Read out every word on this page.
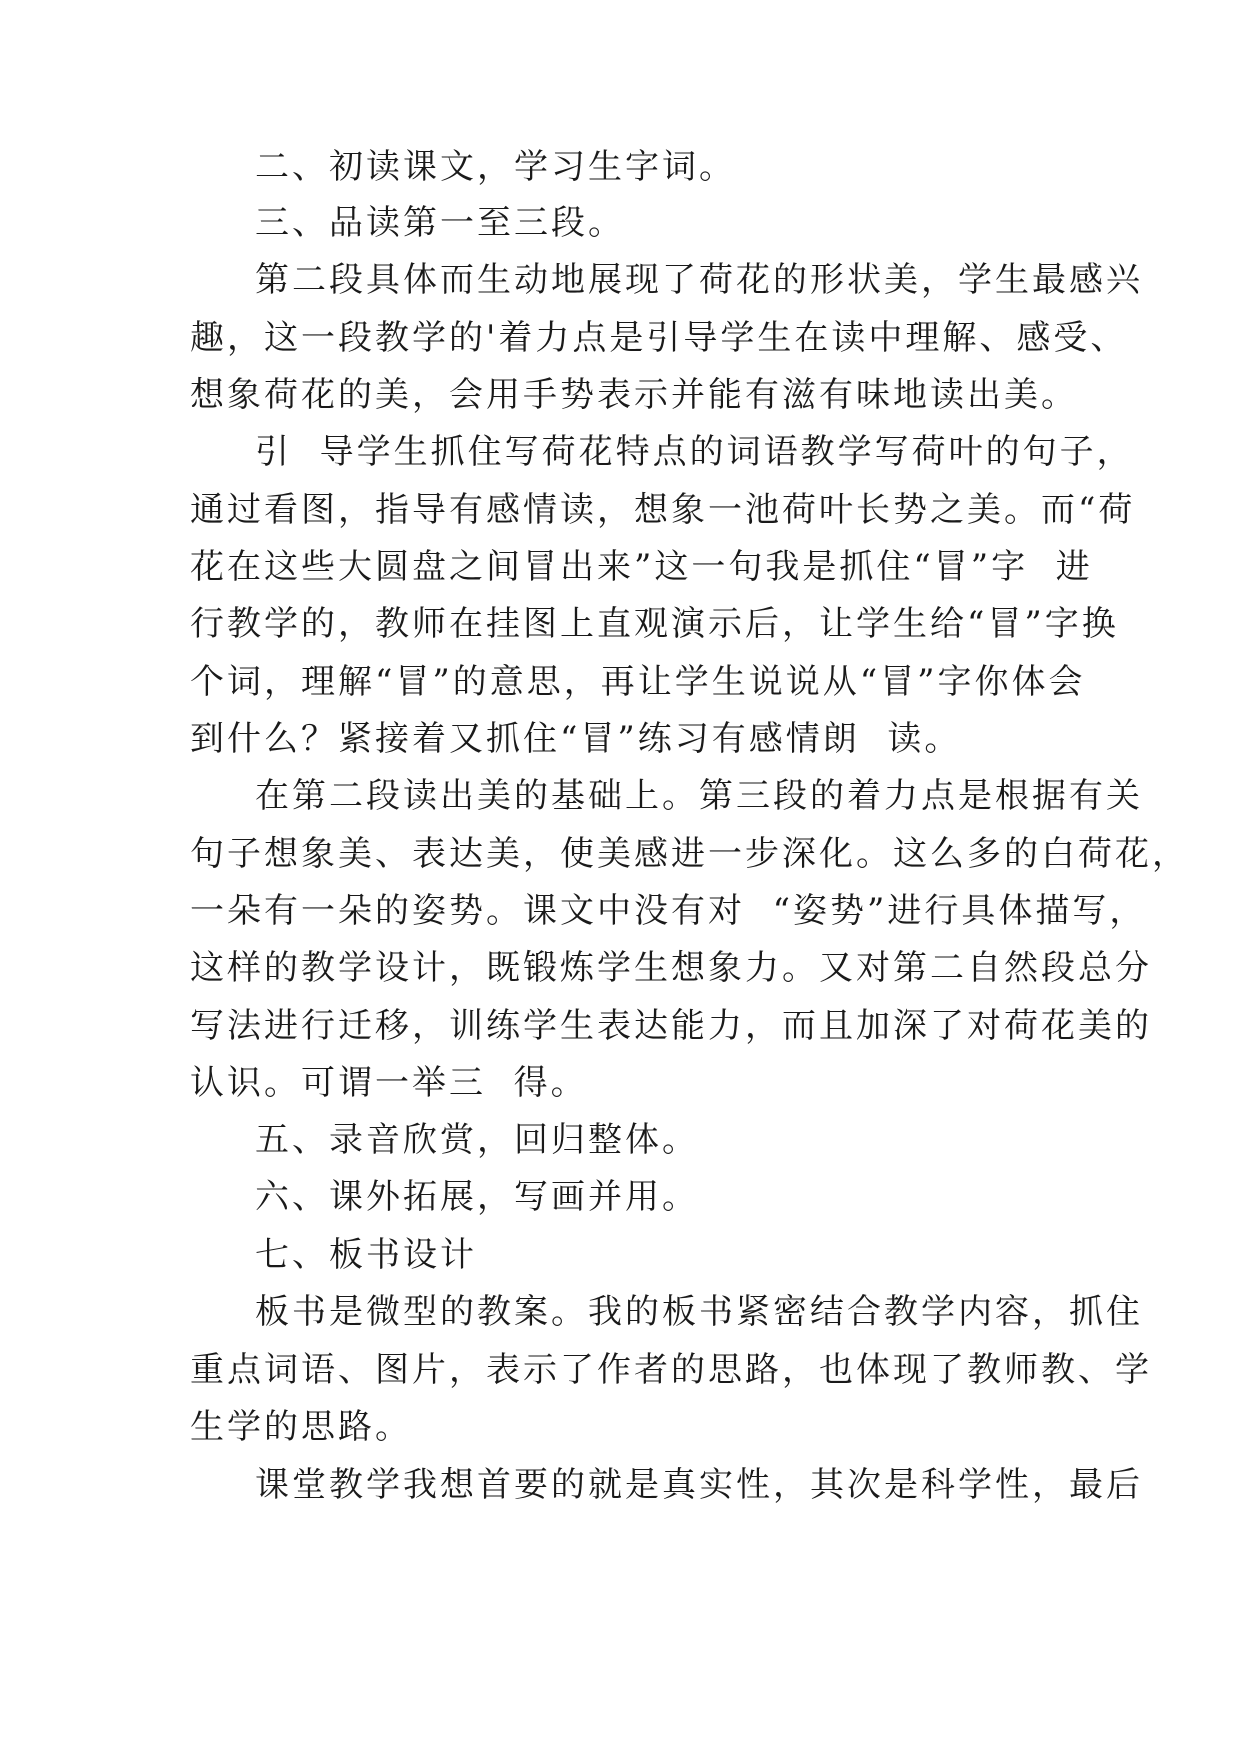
二、初读课文，学习生字词。
三、品读第一至三段。
第二段具体而生动地展现了荷花的形状美，学生最感兴
趣，这一段教学的'着力点是引导学生在读中理解、感受、
想象荷花的美，会用手势表示并能有滋有味地读出美。
引  导学生抓住写荷花特点的词语教学写荷叶的句子，
通过看图，指导有感情读，想象一池荷叶长势之美。而“荷
花在这些大圆盘之间冒出来”这一句我是抓住“冒”字  进
行教学的，教师在挂图上直观演示后，让学生给“冒”字换
个词，理解“冒”的意思，再让学生说说从“冒”字你体会
到什么？紧接着又抓住“冒”练习有感情朗  读。
在第二段读出美的基础上。第三段的着力点是根据有关
句子想象美、表达美，使美感进一步深化。这么多的白荷花，
一朵有一朵的姿势。课文中没有对  “姿势”进行具体描写，
这样的教学设计，既锻炼学生想象力。又对第二自然段总分
写法进行迁移，训练学生表达能力，而且加深了对荷花美的
认识。可谓一举三  得。
五、录音欣赏，回归整体。
六、课外拓展，写画并用。
七、板书设计
板书是微型的教案。我的板书紧密结合教学内容，抓住
重点词语、图片，表示了作者的思路，也体现了教师教、学
生学的思路。
课堂教学我想首要的就是真实性，其次是科学性，最后
